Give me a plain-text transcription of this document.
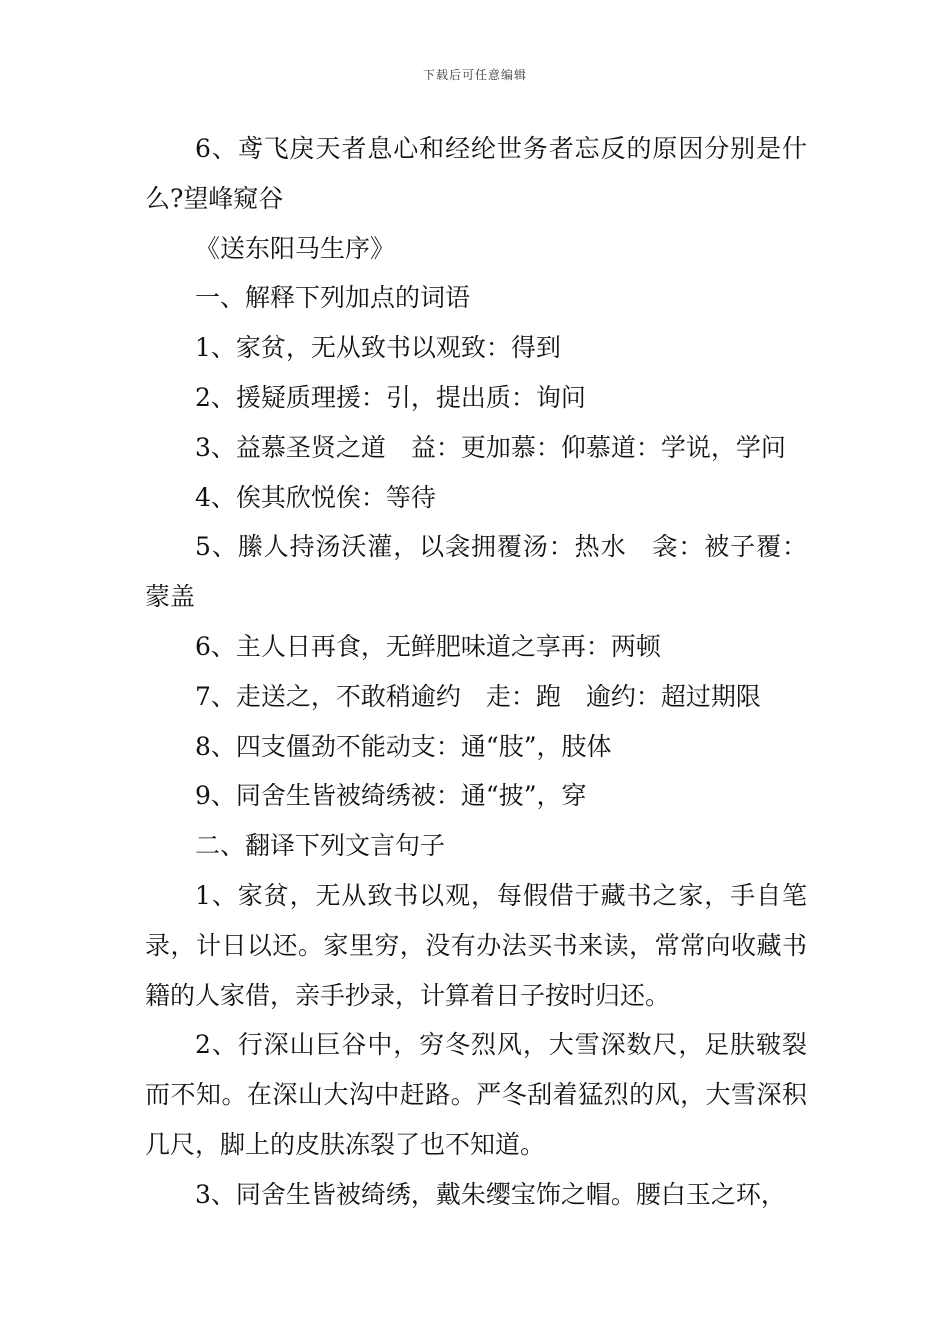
下载后可任意编辑

6、鸢飞戾天者息心和经纶世务者忘反的原因分别是什么?望峰窥谷

《送东阳马生序》

一、解释下列加点的词语

1、家贫，无从致书以观致：得到

2、援疑质理援：引，提出质：询问

3、益慕圣贤之道　益：更加慕：仰慕道：学说，学问

4、俟其欣悦俟：等待

5、縢人持汤沃灌，以衾拥覆汤：热水　衾：被子覆：蒙盖

6、主人日再食，无鲜肥味道之享再：两顿

7、走送之，不敢稍逾约　走：跑　逾约：超过期限

8、四支僵劲不能动支：通“肢”，肢体

9、同舍生皆被绮绣被：通“披”，穿

二、翻译下列文言句子

1、家贫，无从致书以观，每假借于藏书之家，手自笔录，计日以还。家里穷，没有办法买书来读，常常向收藏书籍的人家借，亲手抄录，计算着日子按时归还。

2、行深山巨谷中，穷冬烈风，大雪深数尺，足肤皲裂而不知。在深山大沟中赶路。严冬刮着猛烈的风，大雪深积几尺，脚上的皮肤冻裂了也不知道。

3、同舍生皆被绮绣，戴朱缨宝饰之帽。腰白玉之环，
